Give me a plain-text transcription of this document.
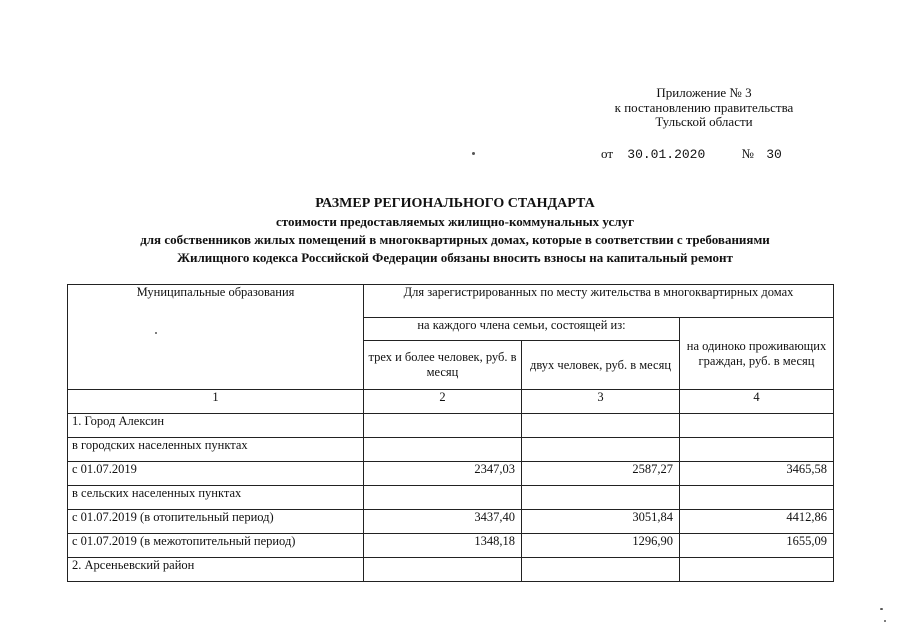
Приложение № 3
к постановлению правительства
Тульской области
от 30.01.2020	№ 30
РАЗМЕР РЕГИОНАЛЬНОГО СТАНДАРТА
стоимости предоставляемых жилищно-коммунальных услуг
для собственников жилых помещений в многоквартирных домах, которые в соответствии с требованиями
Жилищного кодекса Российской Федерации обязаны вносить взносы на капитальный ремонт
Муниципальные образования	Для зарегистрированных по месту жительства в многоквартирных домах		
	на каждого члена семьи, состоящей из:		на одиноко проживающих граждан, руб. в месяц
	трех и более человек, руб. в месяц	двух человек, руб. в месяц	
1	2	3	4
1. Город Алексин			
в городских населенных пунктах			
с 01.07.2019	2347,03	2587,27	3465,58
в сельских населенных пунктах			
с 01.07.2019 (в отопительный период)	3437,40	3051,84	4412,86
с 01.07.2019 (в межотопительный период)	1348,18	1296,90	1655,09
2. Арсеньевский район			
